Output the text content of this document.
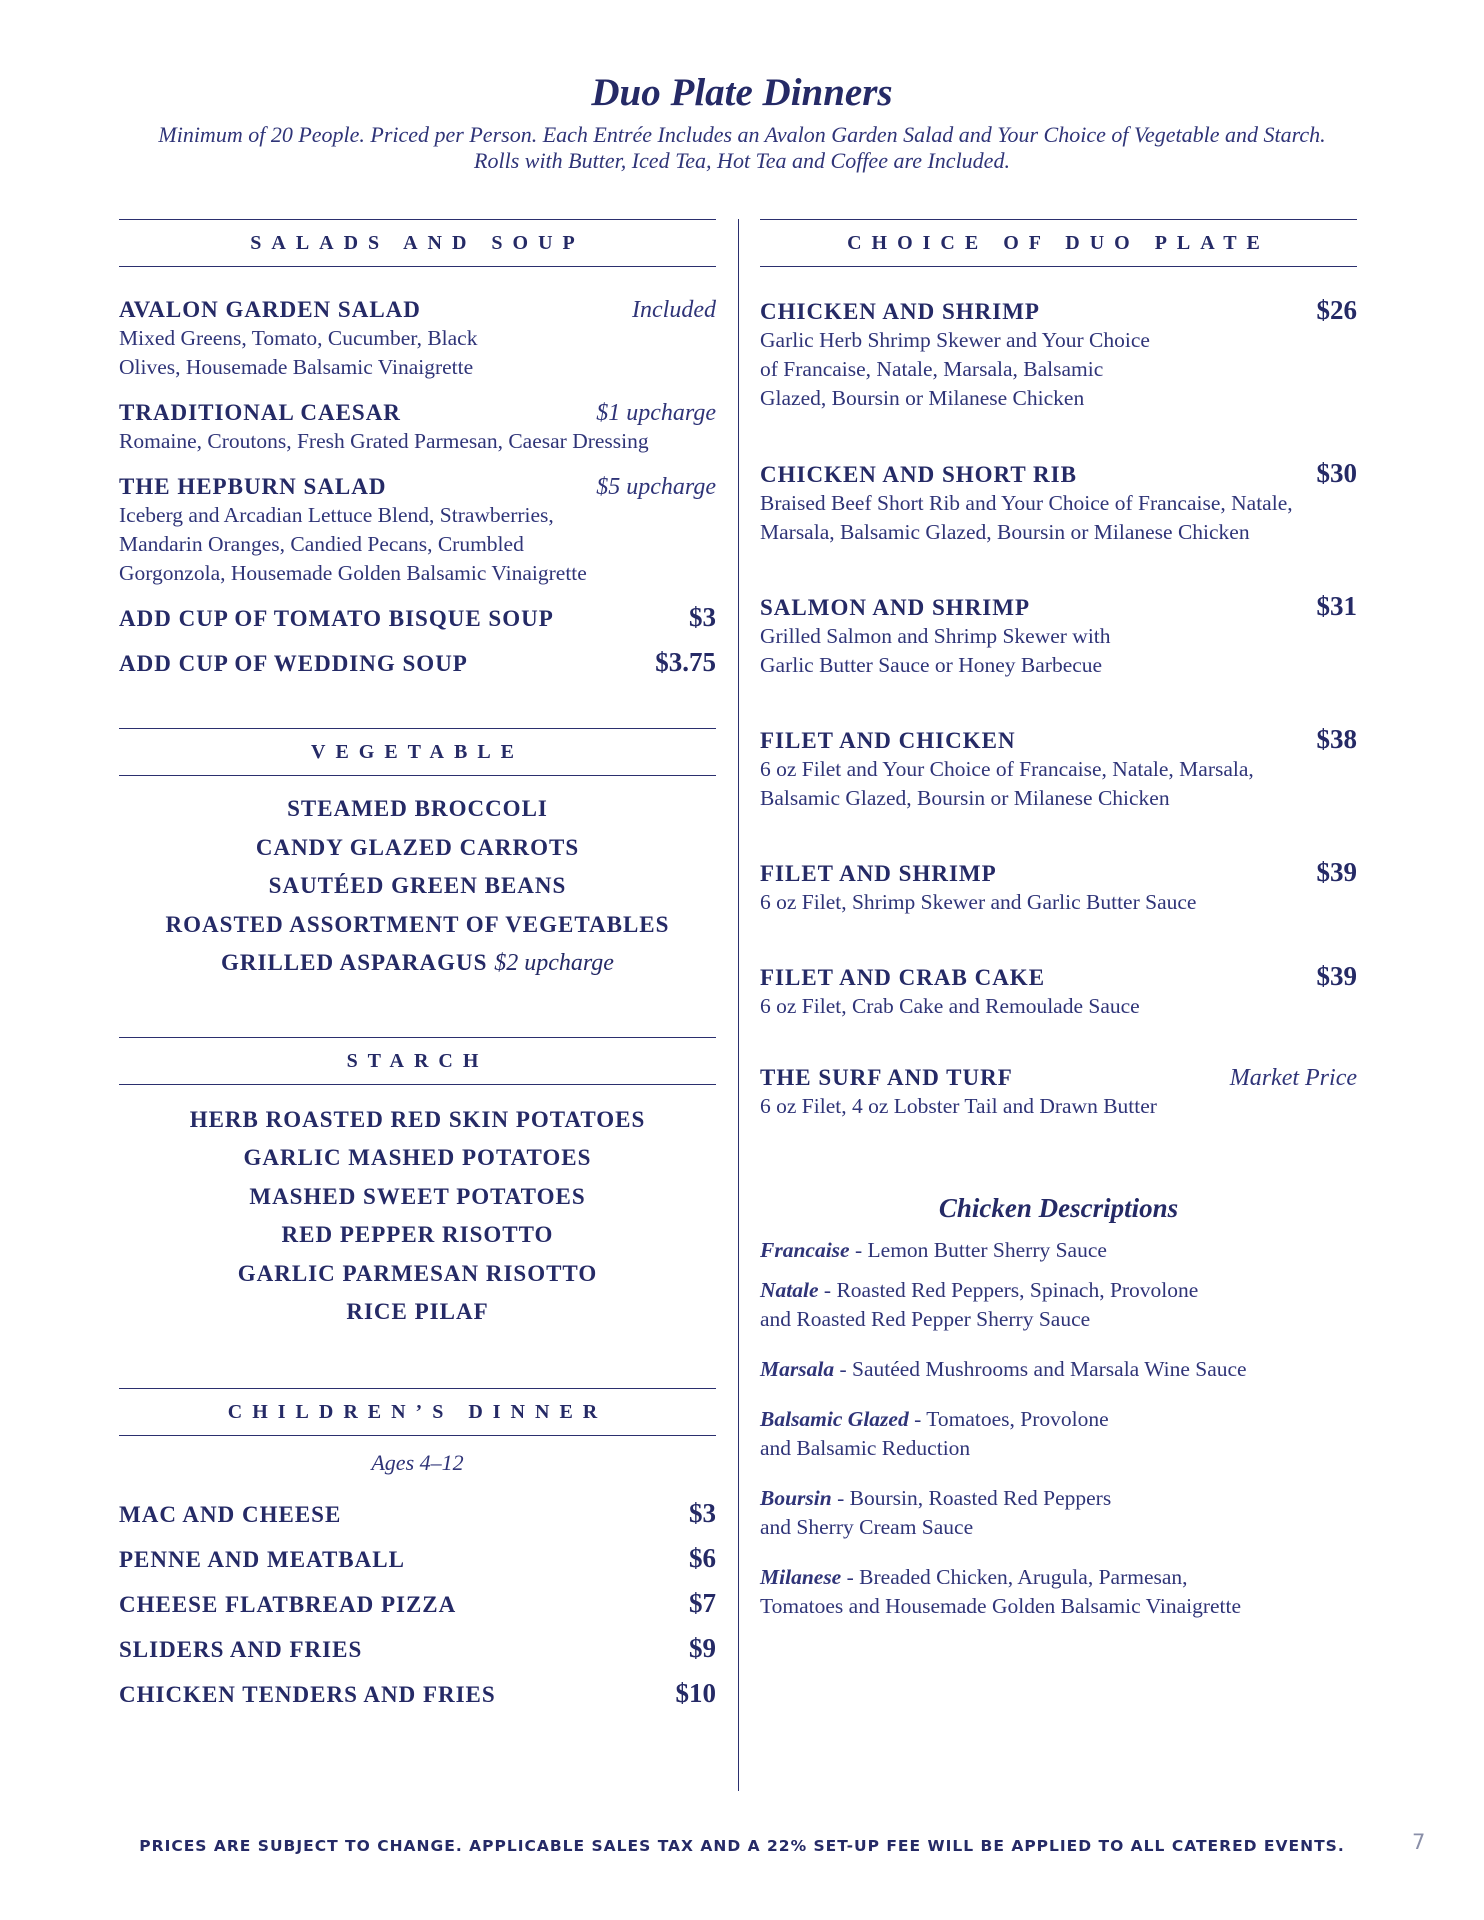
Duo Plate Dinners
Minimum of 20 People. Priced per Person. Each Entrée Includes an Avalon Garden Salad and Your Choice of Vegetable and Starch.
Rolls with Butter, Iced Tea, Hot Tea and Coffee are Included.
SALADS AND SOUP
AVALON GARDEN SALAD	Included
Mixed Greens, Tomato, Cucumber, Black
Olives, Housemade Balsamic Vinaigrette
TRADITIONAL CAESAR	$1 upcharge
Romaine, Croutons, Fresh Grated Parmesan, Caesar Dressing
THE HEPBURN SALAD	$5 upcharge
Iceberg and Arcadian Lettuce Blend, Strawberries,
Mandarin Oranges, Candied Pecans, Crumbled
Gorgonzola, Housemade Golden Balsamic Vinaigrette
ADD CUP OF TOMATO BISQUE SOUP	$3
ADD CUP OF WEDDING SOUP	$3.75
VEGETABLE
STEAMED BROCCOLI
CANDY GLAZED CARROTS
SAUTÉED GREEN BEANS
ROASTED ASSORTMENT OF VEGETABLES
GRILLED ASPARAGUS $2 upcharge
STARCH
HERB ROASTED RED SKIN POTATOES
GARLIC MASHED POTATOES
MASHED SWEET POTATOES
RED PEPPER RISOTTO
GARLIC PARMESAN RISOTTO
RICE PILAF
CHILDREN’S DINNER
Ages 4–12
MAC AND CHEESE	$3
PENNE AND MEATBALL	$6
CHEESE FLATBREAD PIZZA	$7
SLIDERS AND FRIES	$9
CHICKEN TENDERS AND FRIES	$10
CHOICE OF DUO PLATE
CHICKEN AND SHRIMP	$26
Garlic Herb Shrimp Skewer and Your Choice
of Francaise, Natale, Marsala, Balsamic
Glazed, Boursin or Milanese Chicken
CHICKEN AND SHORT RIB	$30
Braised Beef Short Rib and Your Choice of Francaise, Natale,
Marsala, Balsamic Glazed, Boursin or Milanese Chicken
SALMON AND SHRIMP	$31
Grilled Salmon and Shrimp Skewer with
Garlic Butter Sauce or Honey Barbecue
FILET AND CHICKEN	$38
6 oz Filet and Your Choice of Francaise, Natale, Marsala,
Balsamic Glazed, Boursin or Milanese Chicken
FILET AND SHRIMP	$39
6 oz Filet, Shrimp Skewer and Garlic Butter Sauce
FILET AND CRAB CAKE	$39
6 oz Filet, Crab Cake and Remoulade Sauce
THE SURF AND TURF	Market Price
6 oz Filet, 4 oz Lobster Tail and Drawn Butter
Chicken Descriptions
Francaise - Lemon Butter Sherry Sauce
Natale - Roasted Red Peppers, Spinach, Provolone
and Roasted Red Pepper Sherry Sauce
Marsala - Sautéed Mushrooms and Marsala Wine Sauce
Balsamic Glazed - Tomatoes, Provolone
and Balsamic Reduction
Boursin - Boursin, Roasted Red Peppers
and Sherry Cream Sauce
Milanese - Breaded Chicken, Arugula, Parmesan,
Tomatoes and Housemade Golden Balsamic Vinaigrette
PRICES ARE SUBJECT TO CHANGE. APPLICABLE SALES TAX AND A 22% SET-UP FEE WILL BE APPLIED TO ALL CATERED EVENTS.	7
